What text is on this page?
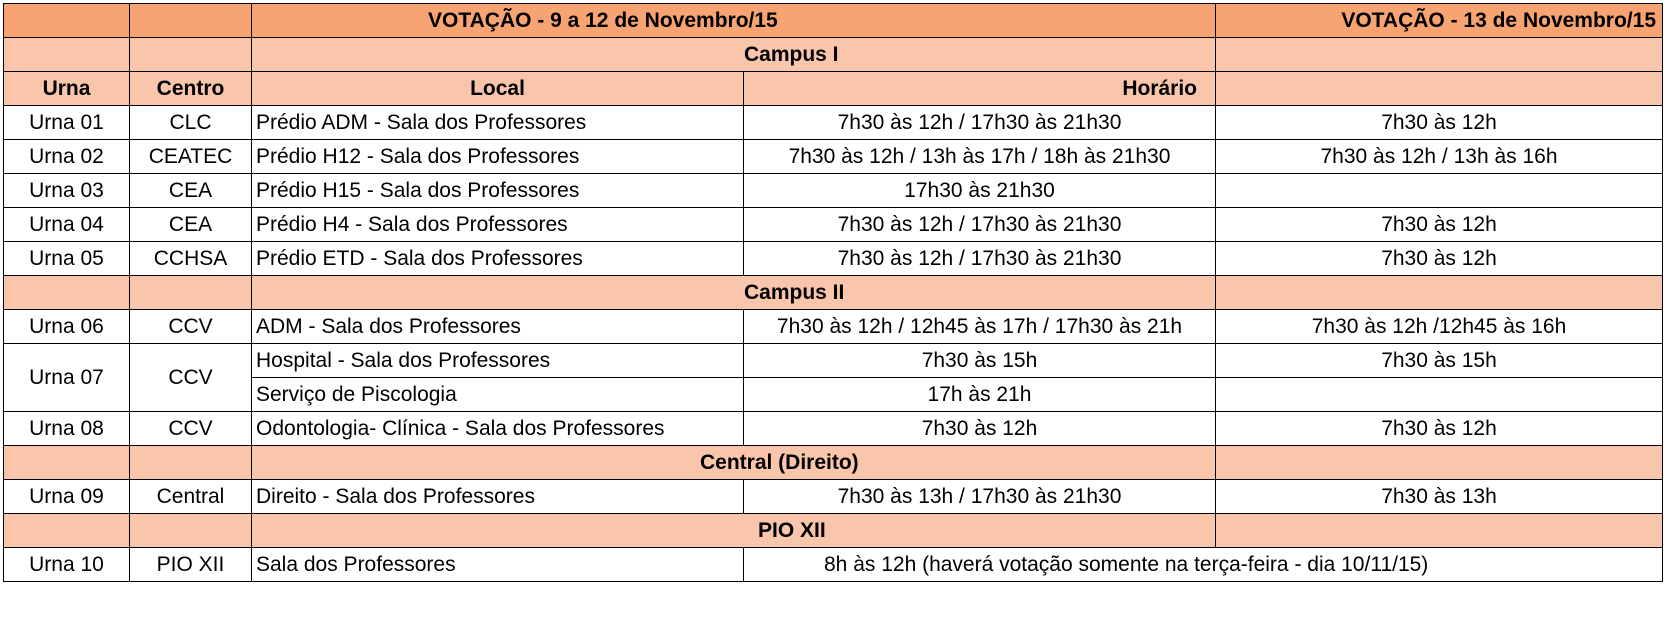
		VOTAÇÃO - 9 a 12 de Novembro/15		VOTAÇÃO - 13 de Novembro/15
			Campus I	
Urna	Centro	Local	Horário	
Urna 01	CLC	Prédio ADM - Sala dos Professores	7h30 às 12h / 17h30 às 21h30	7h30 às 12h
Urna 02	CEATEC	Prédio H12 - Sala dos Professores	7h30 às 12h / 13h às 17h / 18h às 21h30	7h30 às 12h / 13h às 16h
Urna 03	CEA	Prédio H15 - Sala dos Professores	17h30 às 21h30	
Urna 04	CEA	Prédio H4 - Sala dos Professores	7h30 às 12h / 17h30 às 21h30	7h30 às 12h
Urna 05	CCHSA	Prédio ETD - Sala dos Professores	7h30 às 12h / 17h30 às 21h30	7h30 às 12h
			Campus II	
Urna 06	CCV	ADM - Sala dos Professores	7h30 às 12h / 12h45 às 17h / 17h30 às 21h	7h30 às 12h /12h45 às 16h
Urna 07	CCV	Hospital - Sala dos Professores	7h30 às 15h	7h30 às 15h
		Serviço de Piscologia	17h às 21h	
Urna 08	CCV	Odontologia- Clínica - Sala dos Professores	7h30 às 12h	7h30 às 12h
			Central (Direito)	
Urna 09	Central	Direito - Sala dos Professores	7h30 às 13h / 17h30 às 21h30	7h30 às 13h
			PIO XII	
Urna 10	PIO XII	Sala dos Professores	8h às 12h (haverá votação somente na terça-feira - dia 10/11/15)	
